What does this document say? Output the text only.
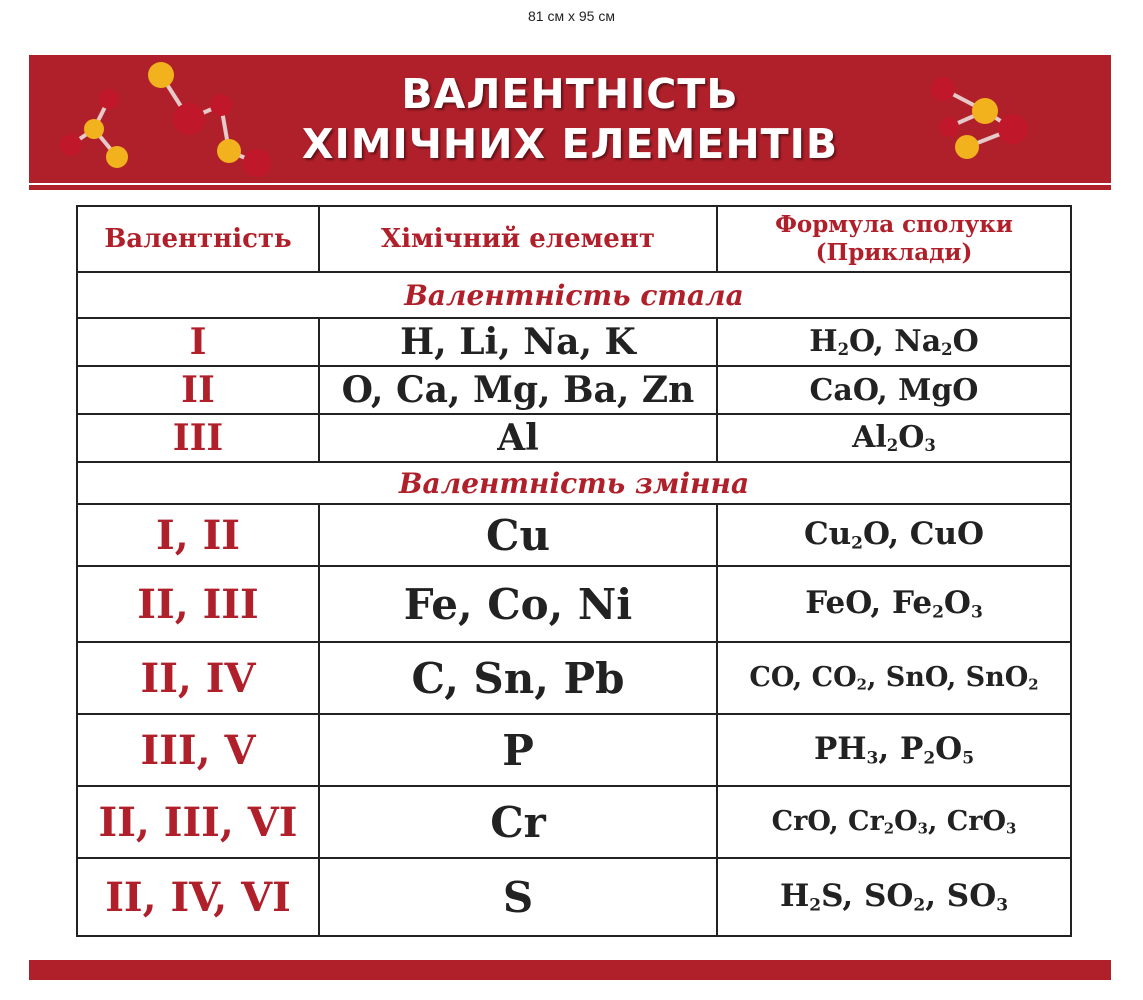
81 см x 95 см
ВАЛЕНТНІСТЬ
ХІМІЧНИХ ЕЛЕМЕНТІВ
Валентність	Хімічний елемент	Формула сполуки
(Приклади)

Валентність стала		
I	H, Li, Na, K	$H_2O$, $Na_2O$
II	O, Ca, Mg, Ba, Zn	CaO, MgO
III	Al	$Al_2O_3$
Валентність змінна		
I, II	Cu	$Cu_2O$, CuO
II, III	Fe, Co, Ni	FeO, $Fe_2O_3$
II, IV	C, Sn, Pb	CO, $CO_2$, SnO, SnO$_2$
III, V	P	$PH_3$, $P_2O_5$
II, III, VI	Cr	CrO, $Cr_2O_3$, CrO$_3$
II, IV, VI	S	$H_2S$, $SO_2$, $SO_3$
